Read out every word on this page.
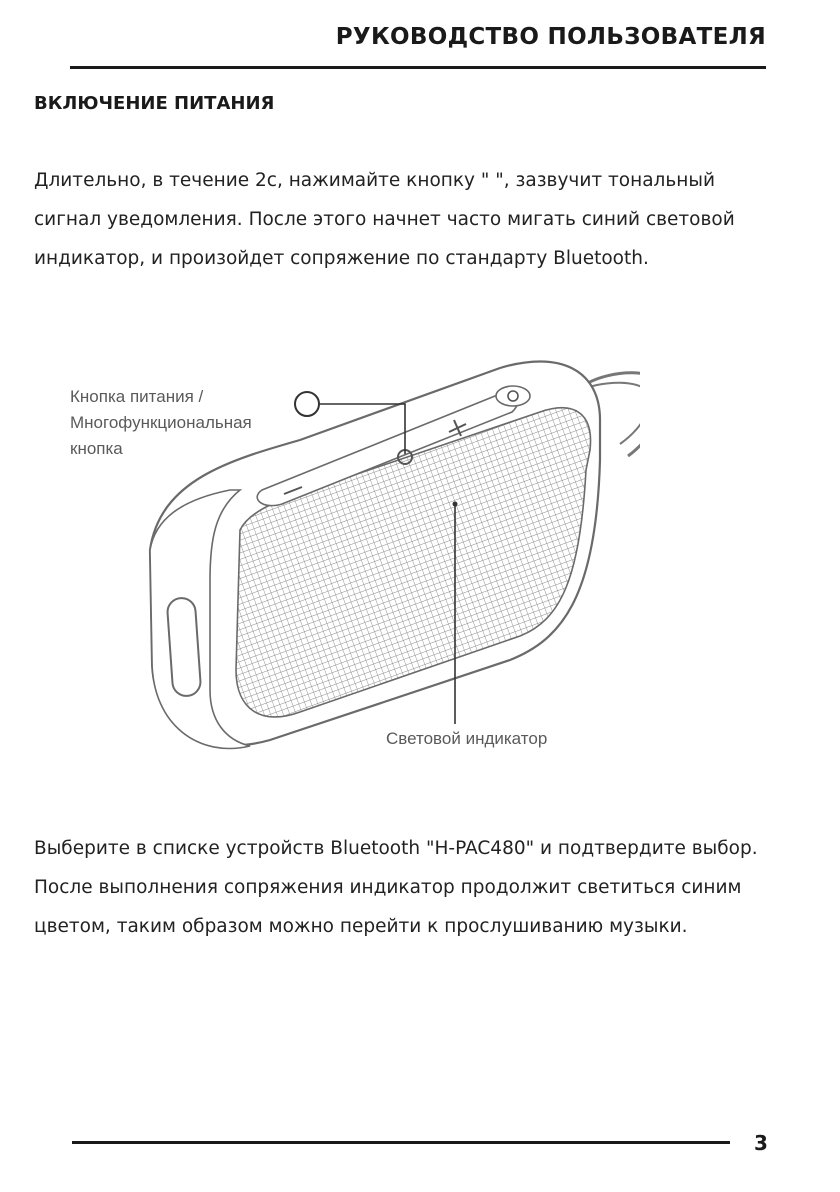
РУКОВОДСТВО ПОЛЬЗОВАТЕЛЯ
ВКЛЮЧЕНИЕ ПИТАНИЯ
Длительно, в течение 2с, нажимайте кнопку " ", зазвучит тональный
сигнал уведомления. После этого начнет часто мигать синий световой
индикатор, и произойдет сопряжение по стандарту Bluetooth.
Кнопка питания /
Многофункциональная
кнопка
Световой индикатор
Выберите в списке устройств Bluetooth "H-PAC480" и подтвердите выбор.
После выполнения сопряжения индикатор продолжит светиться синим
цветом, таким образом можно перейти к прослушиванию музыки.
3
